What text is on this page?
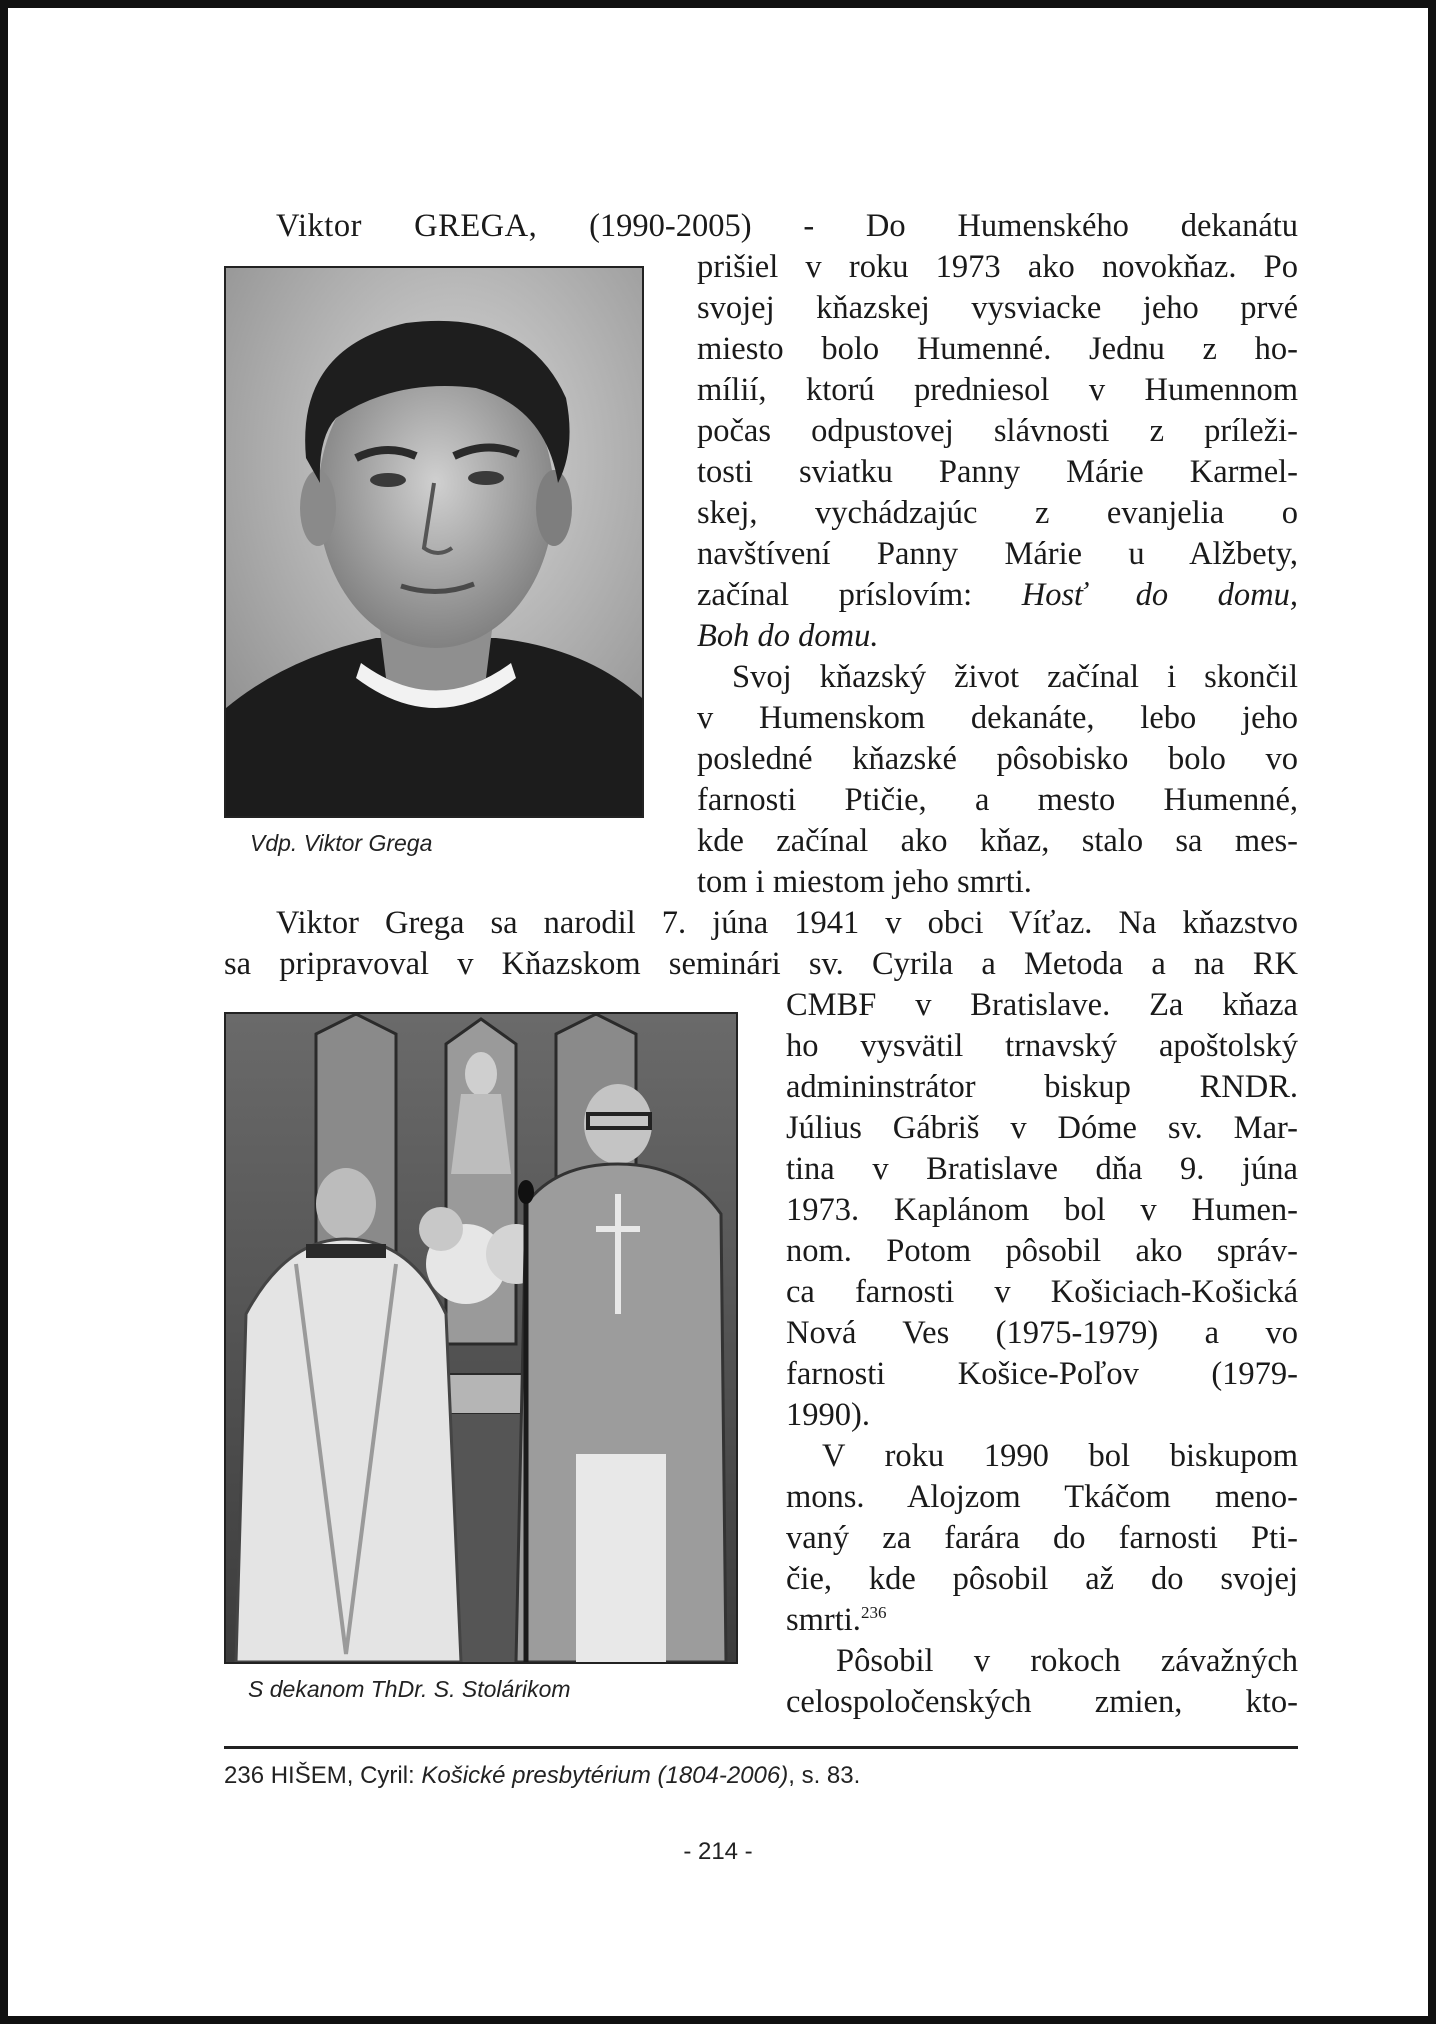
Viktor GREGA, (1990-2005) - Do Humenského dekanátu
Vdp. Viktor Grega
prišiel v roku 1973 ako novokňaz. Po
svojej kňazskej vysviacke jeho prvé
miesto bolo Humenné. Jednu z ho-
mílií, ktorú predniesol v Humennom
počas odpustovej slávnosti z príleži-
tosti sviatku Panny Márie Karmel-
skej, vychádzajúc z evanjelia o
navštívení Panny Márie u Alžbety,
začínal príslovím: Hosť do domu,
Boh do domu.
Svoj kňazský život začínal i skončil
v Humenskom dekanáte, lebo jeho
posledné kňazské pôsobisko bolo vo
farnosti Ptičie, a mesto Humenné,
kde začínal ako kňaz, stalo sa mes-
tom i miestom jeho smrti.
Viktor Grega sa narodil 7. júna 1941 v obci Víťaz. Na kňazstvo
sa pripravoval v Kňazskom seminári sv. Cyrila a Metoda a na RK
CMBF v Bratislave. Za kňaza
ho vysvätil trnavský apoštolský
admininstrátor biskup RNDR.
Július Gábriš v Dóme sv. Mar-
tina v Bratislave dňa 9. júna
1973. Kaplánom bol v Humen-
nom. Potom pôsobil ako správ-
ca farnosti v Košiciach-Košická
Nová Ves (1975-1979) a vo
farnosti Košice-Poľov (1979-
1990).
S dekanom ThDr. S. Stolárikom
V roku 1990 bol biskupom
mons. Alojzom Tkáčom meno-
vaný za farára do farnosti Pti-
čie, kde pôsobil až do svojej
smrti.$^{236}$
Pôsobil v rokoch závažných
celospoločenských zmien, kto-
236 HIŠEM, Cyril: Košické presbytérium (1804-2006), s. 83.
- 214 -
